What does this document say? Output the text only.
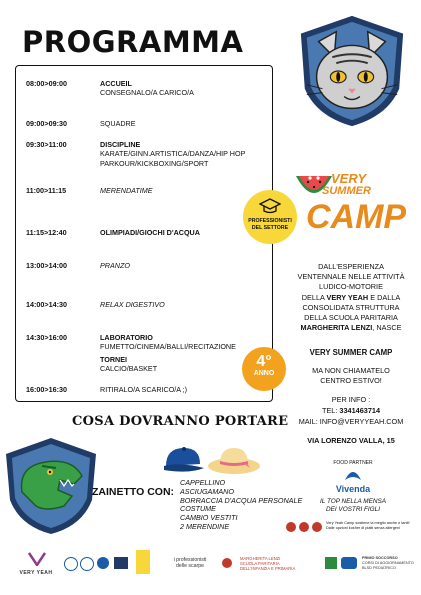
PROGRAMMA
08:00>09:00	ACCUEIL
CONSEGNALO/A CARICO/A
09:00>09:30	SQUADRE
09:30>11:00	DISCIPLINE
KARATE/GINN.ARTISTICA/DANZA/HIP HOP
PARKOUR/KICKBOXING/SPORT
11:00>11:15	MERENDATIME
11:15>12:40	OLIMPIADI/GIOCHI D'ACQUA
13:00>14:00	PRANZO
14:00>14:30	RELAX DIGESTIVO
14:30>16:00	LABORATORIO
FUMETTO/CINEMA/BALLI/RECITAZIONE
TORNEI
CALCIO/BASKET
16:00>16:30	RITIRALO/A SCARICO/A ;)
VERY
SUMMER
CAMP
PROFESSIONISTI
DEL SETTORE
DALL'ESPERIENZA
VENTENNALE NELLE ATTIVITÀ
LUDICO-MOTORIE
DELLA VERY YEAH E DALLA
CONSOLIDATA STRUTTURA
DELLA SCUOLA PARITARIA
MARGHERITA LENZI, NASCE
VERY SUMMER CAMP
MA NON CHIAMATELO
CENTRO ESTIVO!
4°
ANNO
PER INFO :
TEL: 3341463714
MAIL: INFO@VERYYEAH.COM
VIA LORENZO VALLA, 15
FOOD PARTNER
Vivenda
IL TOP NELLA MENSA
DEI VOSTRI FIGLI
Very Yeah Camp sostiene la meglio anche e tanti!
Dalle opzioni kosher di piatti senza allergeni
COSA DOVRANNO PORTARE
ZAINETTO CON:
CAPPELLINO
ASCIUGAMANO
BORRACCIA D'ACQUA PERSONALE
COSTUME
CAMBIO VESTITI
2 MERENDINE
VERY YEAH
i professionisti
delle scarpe
MARGHERITA LENZI
SCUOLA PARITARIA
DELL'INFANZIA E PRIMARIA
PRIMO SOCCORSO
CORSI DI AGGIORNAMENTO
BLSD PEDIATRICO
